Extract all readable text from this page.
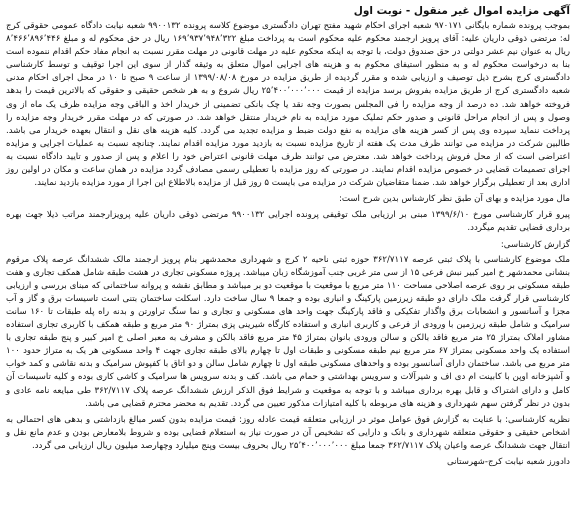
آگهی مزایده اموال غیر منقول - نوبت اول
بموجب پرونده شماره بایگانی ۹۷۰۱۷۱ شعبه اجرای احکام شهید مفتح تهران دادگستری موضوع کلاسه پرونده ۹۹۰۰۱۳۲ شعبه نیابت دادگاه عمومی حقوقی کرج له: مرتضی ذوقی داریان علیه: آقای پرویز ارجمند محکوم علیه محکوم است به پرداخت مبلغ ۱۶۹٬۹۳۷٬۹۴۸٬۳۲۲ ریال در حق محکوم له و مبلغ ۸٬۴۶۶٬۸۹۶٬۴۴۶ ریال به عنوان نیم عشر دولتی در حق صندوق دولت، با توجه به اینکه محکوم علیه در مهلت قانونی در مهلت مقرر نسبت به انجام مفاد حکم اقدام ننموده است بنا به درخواست محکوم له و به منظور استیفای محکوم به و هزینه های اجرایی اموال متعلق به وثیقه گذار از سوی این اجرا توقیف و توسط کارشناسی دادگستری کرج بشرح ذیل توصیف و ارزیابی شده و مقرر گردیده از طریق مزایده در مورخ ۱۳۹۹/۰۸/۰۸ از ساعت ۹ صبح تا ۱۰ در محل اجرای احکام مدنی شعبه دادگستری کرج از طریق مزایده بفروش برسد مزایده از قیمت ۲۵٬۴۰۰٬۰۰۰٬۰۰۰ ریال شروع و به هر شخص حقیقی و حقوقی که بالاترین قیمت را بدهد فروخته خواهد شد. ده درصد از وجه مزایده را فی المجلس بصورت وجه نقد یا چک بانکی تضمینی از خریدار اخذ و الباقی وجه مزایده ظرف یک ماه از وی وصول و پس از انجام مراحل قانونی و صدور حکم تملیک مورد مزایده به نام خریدار منتقل خواهد شد. در صورتی که در مهلت مقرر خریدار وجه مزایده را پرداخت ننماید سپرده وی پس از کسر هزینه های مزایده به نفع دولت ضبط و مزایده تجدید می گردد. کلیه هزینه های نقل و انتقال بعهده خریدار می باشد. طالبین شرکت در مزایده می توانند ظرف مدت یک هفته از تاریخ مزایده نسبت به بازدید مورد مزایده اقدام نمایند. چنانچه نسبت به عملیات اجرایی و مزایده اعتراضی است که از محل فروش پرداخت خواهد شد. معترض می توانند ظرف مهلت قانونی اعتراض خود را اعلام و پس از صدور و تایید دادگاه نسبت به اجرای تصمیمات قضایی در خصوص مزایده اقدام نمایند. در صورتی که روز مزایده با تعطیلی رسمی مصادف گردد مزایده در همان ساعت و مکان در اولین روز اداری بعد از تعطیلی برگزار خواهد شد. ضمنا متقاضیان شرکت در مزایده می بایست ۵ روز قبل از مزایده بالاطلاع این اجرا از مورد مزایده بازدید نمایند.
مال مورد مزایده و بهای آن طبق نظر کارشناس بدین شرح است:
پیرو قرار کارشناسی مورخ ۱۳۹۹/۶/۱۰ مبنی بر ارزیابی ملک توقیفی پرونده اجرایی ۹۹۰۰۱۳۲ مرتضی ذوقی داریان علیه پرویزارجمند مراتب ذیلا جهت بهره برداری قضایی تقدیم میگردد.
گزارش کارشناسی:
ملک موضوع کارشناسی با پلاک ثبتی عرصه ۳۶۲/۷۱۱۷ حوزه ثبتی ناحیه ۲ کرج و شهرداری محمدشهر بنام پرویز ارجمند مالک ششدانگ عرصه پلاک مرقوم بنشانی محمدشهر خ امیر کبیر نبش فرعی ۱۵ از سی متر غربی جنب آموزشگاه زبان میباشد. پروژه مسکونی تجاری در هشت طبقه شامل همکف تجاری و هفت طبقه مسکونی بر روی عرصه اصلاحی مساحت ۱۱۰ متر مربع با موقعیت با موقعیت دو بر میباشد و مطابق نقشه و پروانه ساختمانی که مبنای بررسی و ارزیابی کارشناسی قرار گرفت ملک دارای دو طبقه زیرزمین پارکینگ و انباری بوده و جمعا ۹ سال ساخت دارد. اسکلت ساختمان بتنی است تاسیسات برق و گاز و آب مجزا و آسانسور و انشعابات برق واگذار تفکیکی و فاقد پارکینگ جهت واحد های مسکونی و تجاری و نما سنگ تراورتن و بدنه راه پله طبقات تا ۱۶۰ سانت سرامیک و شامل طبقه زیرزمین با ورودی از فرعی و کاربری انباری و استفاده کارگاه شیرینی پزی بمتراژ ۹۰ متر مربع و طبقه همکف با کاربری تجاری استفاده مشاور املاک بمتراژ ۲۵ متر مربع فاقد بالکن و سالن ورودی بانوان بمتراژ ۴۵ متر مربع فاقد بالکن و مشرف به معبر اصلی خ امیر کبیر و پنج طبقه تجاری با استفاده یک واحد مسکونی بمتراژ ۶۷ متر مربع نیم طبقه مسکونی و طبقات اول تا چهارم بالای طبقه تجاری جهت ۴ واحد مسکونی هر یک به متراژ حدود ۱۰۰ متر مربع می باشد. ساختمان دارای آسانسور بوده و واحدهای مسکونی طبقه اول تا چهارم شامل سالن و دو اتاق با کفپوش سرامیک و بدنه نقاشی و کمد خواب و آشپزخانه اوپن با کابینت ام دی اف و شیرآلات و سرویس بهداشتی و حمام می باشد. کف و بدنه سرویس ها سرامیک و کاشی کاری بوده و کلیه تاسیسات آن کامل و دارای اشتراک و قابل بهره برداری میباشد و با توجه به موقعیت و شرایط فوق الذکر ارزش ششدانگ عرصه پلاک ۳۶۲/۷۱۱۷ طی مبایعه نامه عادی و بدون در نظر گرفتن سهم شهرداری و هزینه های مربوطه با کلیه امتیازات مذکور تعیین می گردد. تقدیم به محضر محترم قضایی می باشد.
نظریه کارشناسی: با عنایت به گزارش فوق عوامل موثر در ارزیابی متعلقه قیمت عادله روز: قیمت مزایده بدون کسر مبالغ بازداشتی و بدهی های احتمالی به اشخاص حقیقی و حقوقی متعلقه شهرداری و بانک و دارایی که تشخیص آن در صورت نیاز به استعلام قضایی بوده و شروط بلامعارض بودن و عدم مانع نقل و انتقال جهت ششدانگ عرصه واعیان پلاک ۳۶۲/۷۱۱۷ جمعا مبلغ ۲۵٬۴۰۰٬۰۰۰٬۰۰۰ ریال بحروف بیست وپنج میلیارد وچهارصد میلیون ریال ارزیابی می گردد.
دادورز شعبه نیابت کرج-شهرستانی
